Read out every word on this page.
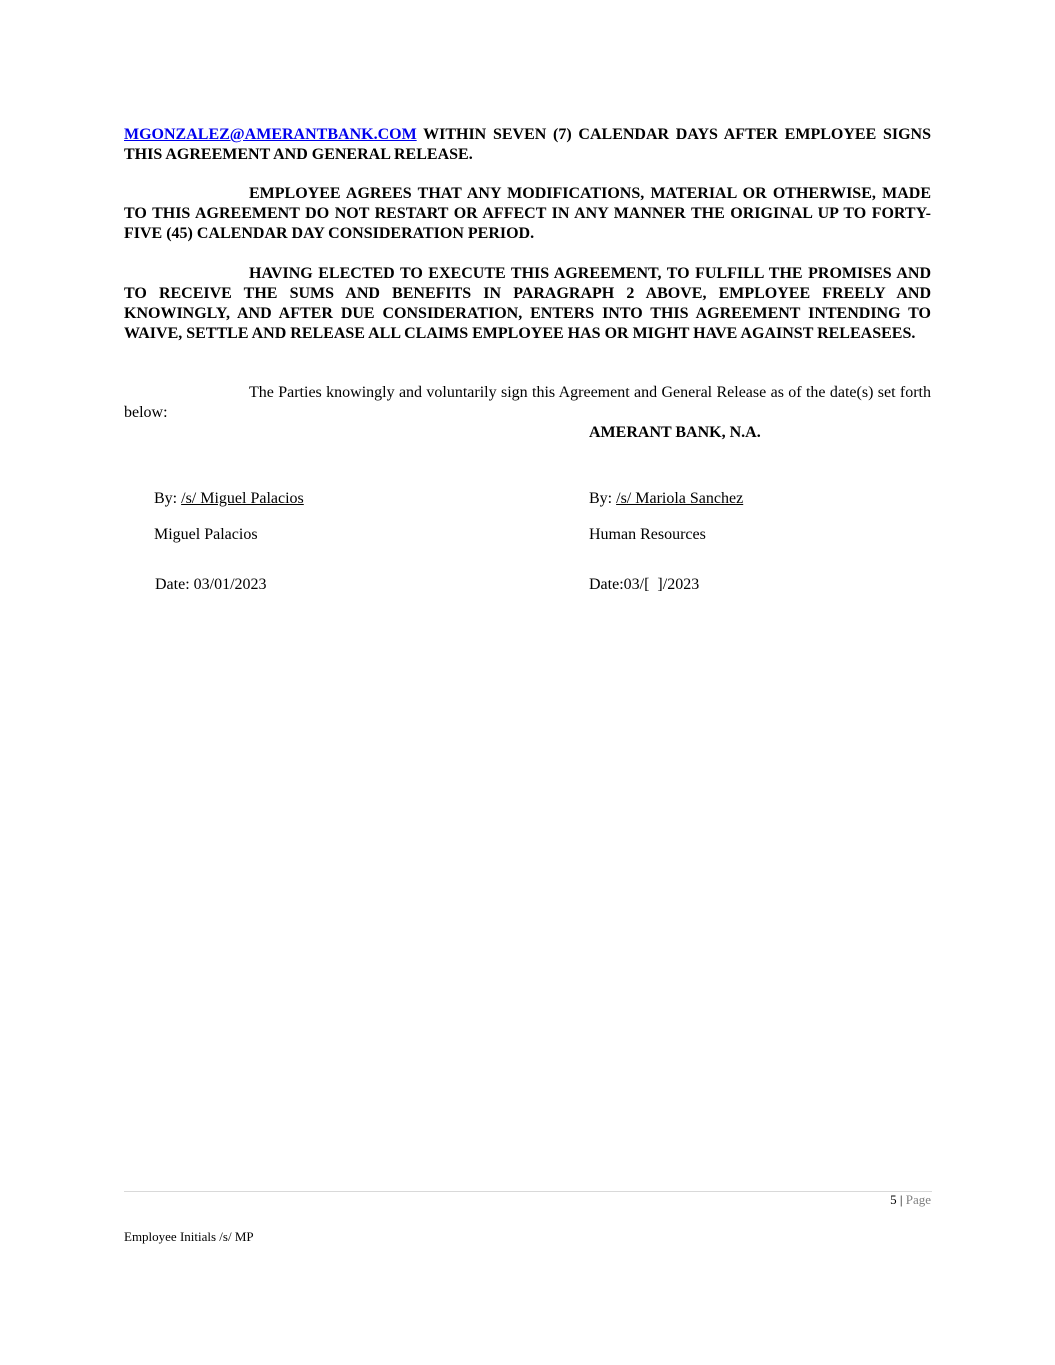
MGONZALEZ@AMERANTBANK.COM WITHIN SEVEN (7) CALENDAR DAYS AFTER EMPLOYEE SIGNS THIS AGREEMENT AND GENERAL RELEASE.

EMPLOYEE AGREES THAT ANY MODIFICATIONS, MATERIAL OR OTHERWISE, MADE TO THIS AGREEMENT DO NOT RESTART OR AFFECT IN ANY MANNER THE ORIGINAL UP TO FORTY-FIVE (45) CALENDAR DAY CONSIDERATION PERIOD.

HAVING ELECTED TO EXECUTE THIS AGREEMENT, TO FULFILL THE PROMISES AND TO RECEIVE THE SUMS AND BENEFITS IN PARAGRAPH 2 ABOVE, EMPLOYEE FREELY AND KNOWINGLY, AND AFTER DUE CONSIDERATION, ENTERS INTO THIS AGREEMENT INTENDING TO WAIVE, SETTLE AND RELEASE ALL CLAIMS EMPLOYEE HAS OR MIGHT HAVE AGAINST RELEASEES.

The Parties knowingly and voluntarily sign this Agreement and General Release as of the date(s) set forth below:

AMERANT BANK, N.A.
By: /s/ Miguel Palacios	By: /s/ Mariola Sanchez
Miguel Palacios	Human Resources
Date: 03/01/2023	Date:03/[  ]/2023
5 | Page
Employee Initials /s/ MP
